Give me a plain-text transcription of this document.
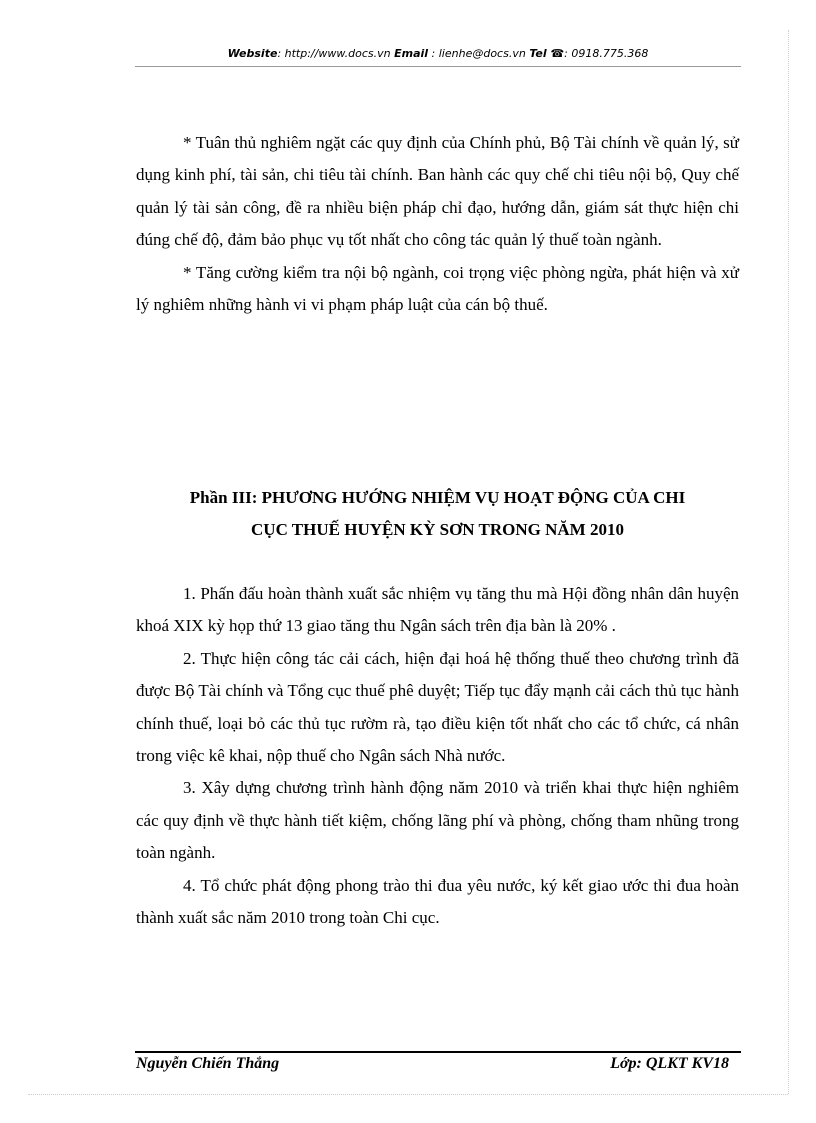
Website: http://www.docs.vn Email : lienhe@docs.vn Tel ☎: 0918.775.368

* Tuân thủ nghiêm ngặt các quy định của Chính phủ, Bộ Tài chính về quản lý, sử dụng kinh phí, tài sản, chi tiêu tài chính. Ban hành các quy chế chi tiêu nội bộ, Quy chế quản lý tài sản công, đề ra nhiều biện pháp chỉ đạo, hướng dẫn, giám sát thực hiện chi đúng chế độ, đảm bảo phục vụ tốt nhất cho công tác quản lý thuế toàn ngành.

* Tăng cường kiểm tra nội bộ ngành, coi trọng việc phòng ngừa, phát hiện và xử lý nghiêm những hành vi vi phạm pháp luật của cán bộ thuế.

Phần III: PHƯƠNG HƯỚNG NHIỆM VỤ HOẠT ĐỘNG CỦA CHI
CỤC THUẾ HUYỆN KỲ SƠN TRONG NĂM 2010

1. Phấn đấu hoàn thành xuất sắc nhiệm vụ tăng thu mà Hội đồng nhân dân huyện khoá XIX kỳ họp thứ 13 giao tăng thu Ngân sách trên địa bàn là 20% .

2. Thực hiện công tác cải cách, hiện đại hoá hệ thống thuế theo chương trình đã được Bộ Tài chính và Tổng cục thuế phê duyệt; Tiếp tục đẩy mạnh cải cách thủ tục hành chính thuế, loại bỏ các thủ tục rườm rà, tạo điều kiện tốt nhất cho các tổ chức, cá nhân trong việc kê khai, nộp thuế cho Ngân sách Nhà nước.

3. Xây dựng chương trình hành động năm 2010 và triển khai thực hiện nghiêm các quy định về thực hành tiết kiệm, chống lãng phí và phòng, chống tham nhũng trong toàn ngành.

4. Tổ chức phát động phong trào thi đua yêu nước, ký kết giao ước thi đua hoàn thành xuất sắc năm 2010 trong toàn Chi cục.

Nguyễn Chiến Thắng	Lớp: QLKT KV18
